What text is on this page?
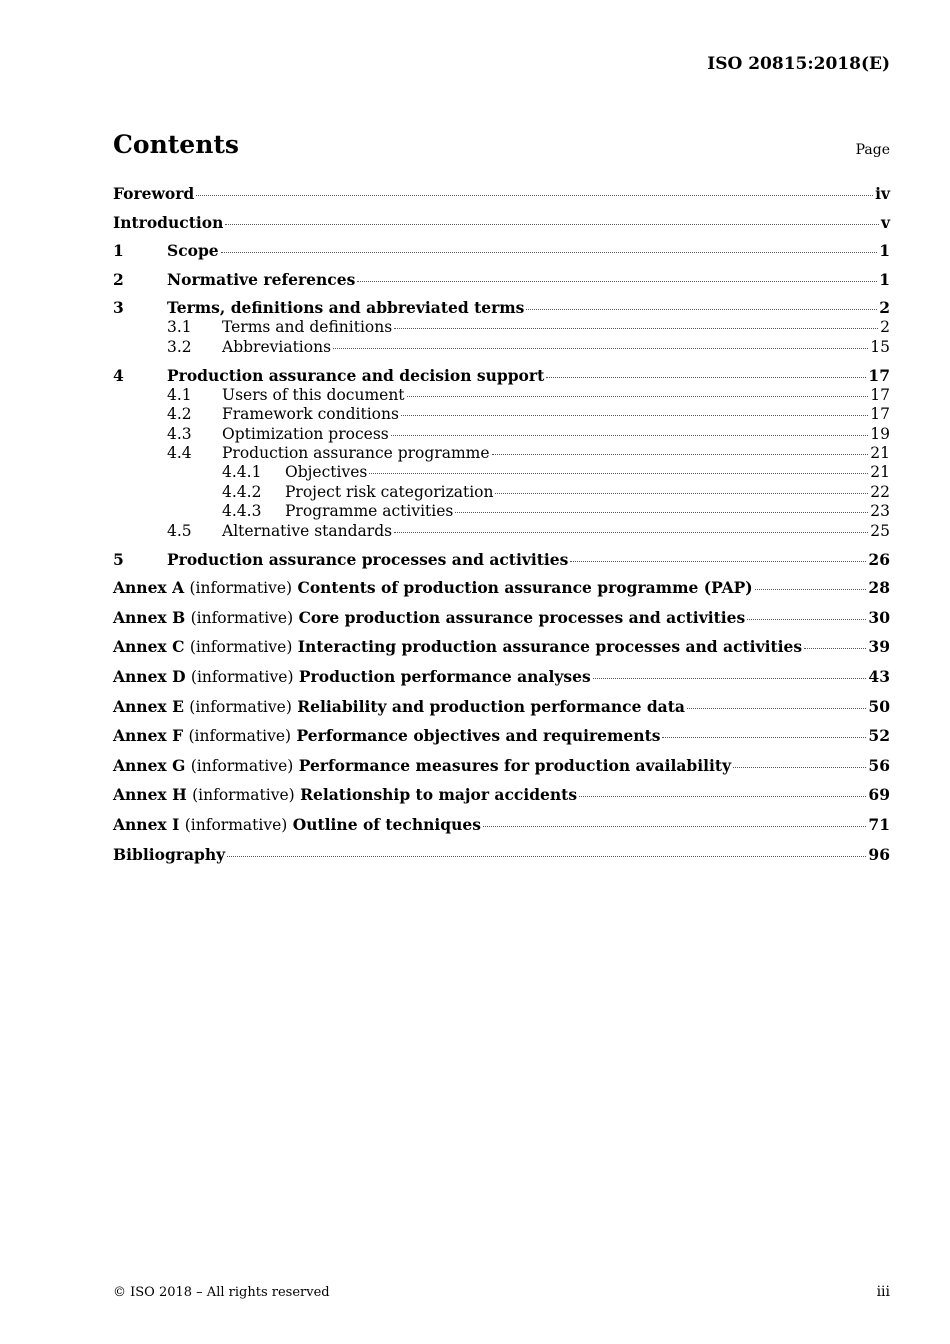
ISO 20815:2018(E)
Contents	Page
Foreword	iv
Introduction	v
1	Scope	1
2	Normative references	1
3	Terms, definitions and abbreviated terms	2
3.1	Terms and definitions	2
3.2	Abbreviations	15
4	Production assurance and decision support	17
4.1	Users of this document	17
4.2	Framework conditions	17
4.3	Optimization process	19
4.4	Production assurance programme	21
4.4.1	Objectives	21
4.4.2	Project risk categorization	22
4.4.3	Programme activities	23
4.5	Alternative standards	25
5	Production assurance processes and activities	26
Annex A (informative) Contents of production assurance programme (PAP)	28
Annex B (informative) Core production assurance processes and activities	30
Annex C (informative) Interacting production assurance processes and activities	39
Annex D (informative) Production performance analyses	43
Annex E (informative) Reliability and production performance data	50
Annex F (informative) Performance objectives and requirements	52
Annex G (informative) Performance measures for production availability	56
Annex H (informative) Relationship to major accidents	69
Annex I (informative) Outline of techniques	71
Bibliography	96
© ISO 2018 – All rights reserved	iii
